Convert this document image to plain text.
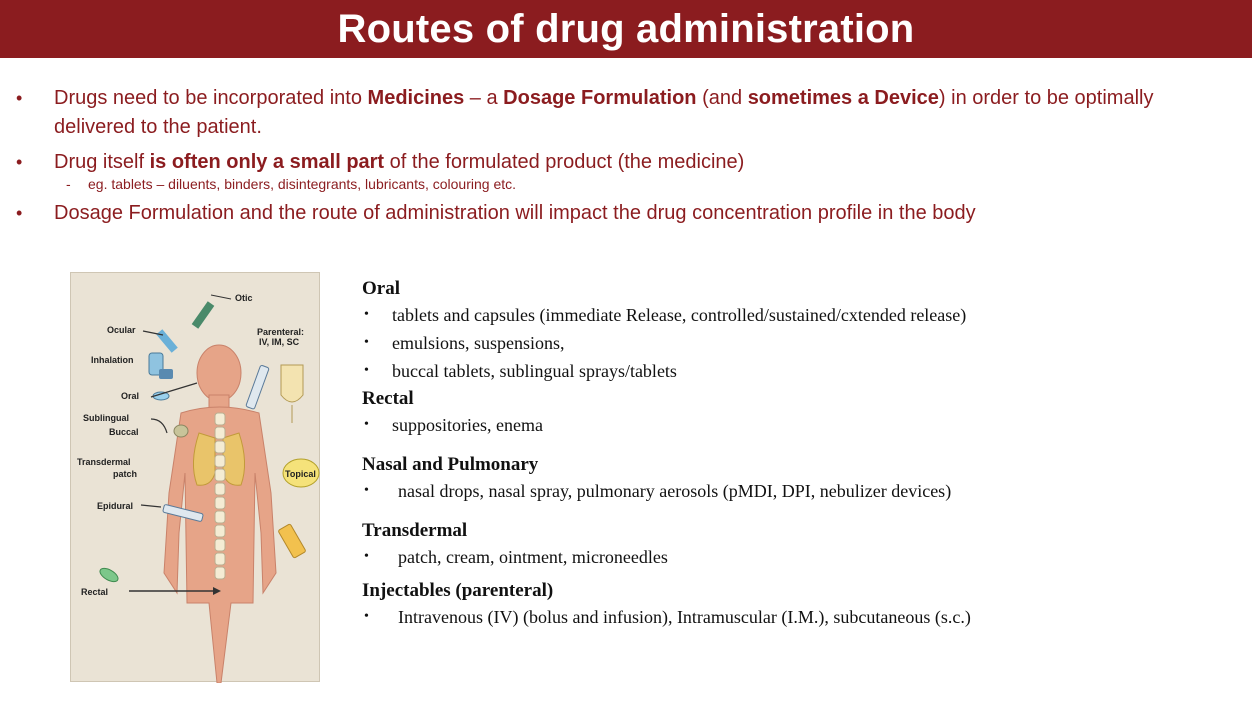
Routes of drug administration
• Drugs need to be incorporated into Medicines – a Dosage Formulation (and sometimes a Device) in order to be optimally delivered to the patient.
• Drug itself is often only a small part of the formulated product (the medicine)
- eg. tablets – diluents, binders, disintegrants, lubricants, colouring etc.
• Dosage Formulation and the route of administration will impact the drug concentration profile in the body
Otic
Ocular
Inhalation
Oral
Sublingual
Buccal
Transdermal
patch
Epidural
Rectal
Parenteral:
IV, IM, SC
Topical
Oral
• tablets and capsules (immediate Release, controlled/sustained/cxtended release)
• emulsions, suspensions,
• buccal tablets, sublingual sprays/tablets
Rectal
• suppositories, enema
Nasal and Pulmonary
• nasal drops, nasal spray, pulmonary aerosols (pMDI, DPI, nebulizer devices)
Transdermal
• patch, cream, ointment, microneedles
Injectables (parenteral)
• Intravenous (IV) (bolus and infusion), Intramuscular (I.M.), subcutaneous (s.c.)
